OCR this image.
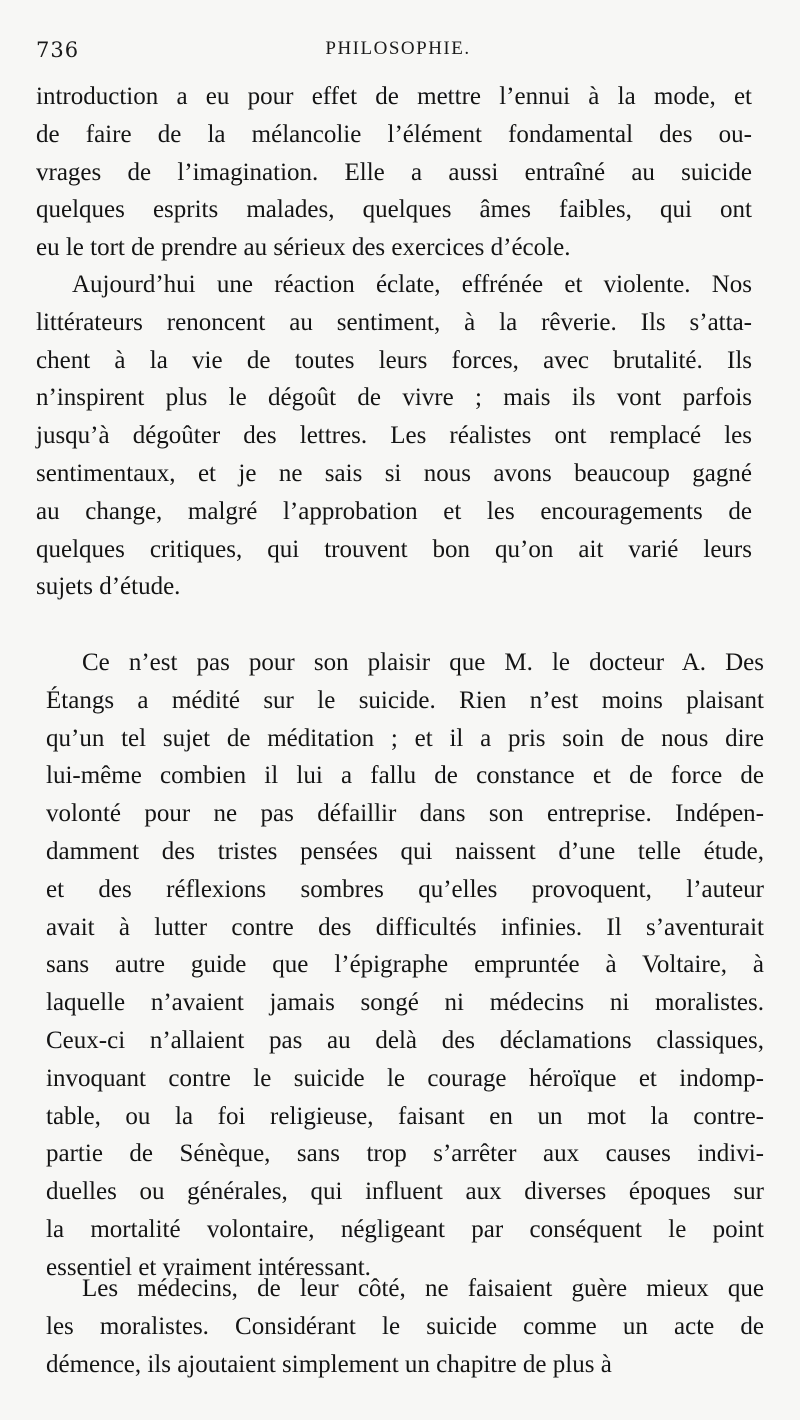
736	PHILOSOPHIE.

introduction a eu pour effet de mettre l’ennui à la mode, et
de faire de la mélancolie l’élément fondamental des ou-
vrages de l’imagination. Elle a aussi entraîné au suicide
quelques esprits malades, quelques âmes faibles, qui ont
eu le tort de prendre au sérieux des exercices d’école.

Aujourd’hui une réaction éclate, effrénée et violente. Nos
littérateurs renoncent au sentiment, à la rêverie. Ils s’atta-
chent à la vie de toutes leurs forces, avec brutalité. Ils
n’inspirent plus le dégoût de vivre ; mais ils vont parfois
jusqu’à dégoûter des lettres. Les réalistes ont remplacé les
sentimentaux, et je ne sais si nous avons beaucoup gagné
au change, malgré l’approbation et les encouragements de
quelques critiques, qui trouvent bon qu’on ait varié leurs
sujets d’étude.

Ce n’est pas pour son plaisir que M. le docteur A. Des
Étangs a médité sur le suicide. Rien n’est moins plaisant
qu’un tel sujet de méditation ; et il a pris soin de nous dire
lui-même combien il lui a fallu de constance et de force de
volonté pour ne pas défaillir dans son entreprise. Indépen-
damment des tristes pensées qui naissent d’une telle étude,
et des réflexions sombres qu’elles provoquent, l’auteur
avait à lutter contre des difficultés infinies. Il s’aventurait
sans autre guide que l’épigraphe empruntée à Voltaire, à
laquelle n’avaient jamais songé ni médecins ni moralistes.
Ceux-ci n’allaient pas au delà des déclamations classiques,
invoquant contre le suicide le courage héroïque et indomp-
table, ou la foi religieuse, faisant en un mot la contre-
partie de Sénèque, sans trop s’arrêter aux causes indivi-
duelles ou générales, qui influent aux diverses époques sur
la mortalité volontaire, négligeant par conséquent le point
essentiel et vraiment intéressant.

Les médecins, de leur côté, ne faisaient guère mieux que
les moralistes. Considérant le suicide comme un acte de
démence, ils ajoutaient simplement un chapitre de plus à
